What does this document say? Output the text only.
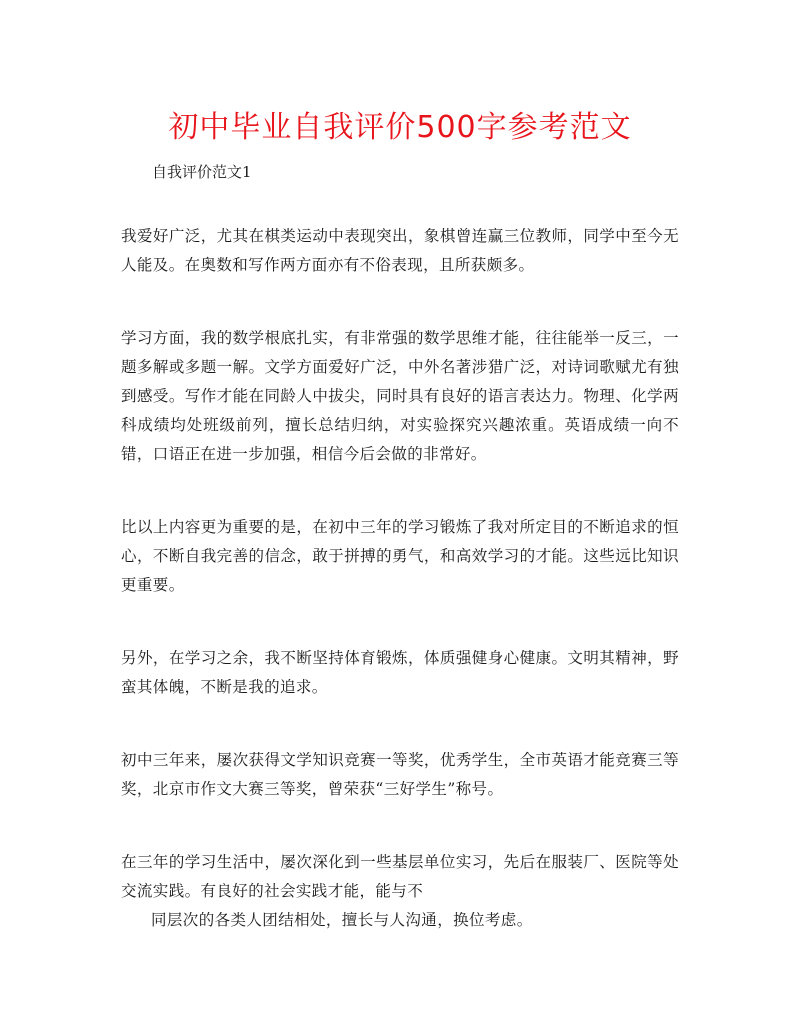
初中毕业自我评价500字参考范文

自我评价范文1

我爱好广泛，尤其在棋类运动中表现突出，象棋曾连赢三位教师，同学中至今无人能及。在奥数和写作两方面亦有不俗表现，且所获颇多。

学习方面，我的数学根底扎实，有非常强的数学思维才能，往往能举一反三，一题多解或多题一解。文学方面爱好广泛，中外名著涉猎广泛，对诗词歌赋尤有独到感受。写作才能在同龄人中拔尖，同时具有良好的语言表达力。物理、化学两科成绩均处班级前列，擅长总结归纳，对实验探究兴趣浓重。英语成绩一向不错，口语正在进一步加强，相信今后会做的非常好。

比以上内容更为重要的是，在初中三年的学习锻炼了我对所定目的不断追求的恒心，不断自我完善的信念，敢于拼搏的勇气，和高效学习的才能。这些远比知识更重要。

另外，在学习之余，我不断坚持体育锻炼，体质强健身心健康。文明其精神，野蛮其体魄，不断是我的追求。

初中三年来，屡次获得文学知识竞赛一等奖，优秀学生，全市英语才能竞赛三等奖，北京市作文大赛三等奖，曾荣获“三好学生”称号。

在三年的学习生活中，屡次深化到一些基层单位实习，先后在服装厂、医院等处交流实践。有良好的社会实践才能，能与不

同层次的各类人团结相处，擅长与人沟通，换位考虑。
